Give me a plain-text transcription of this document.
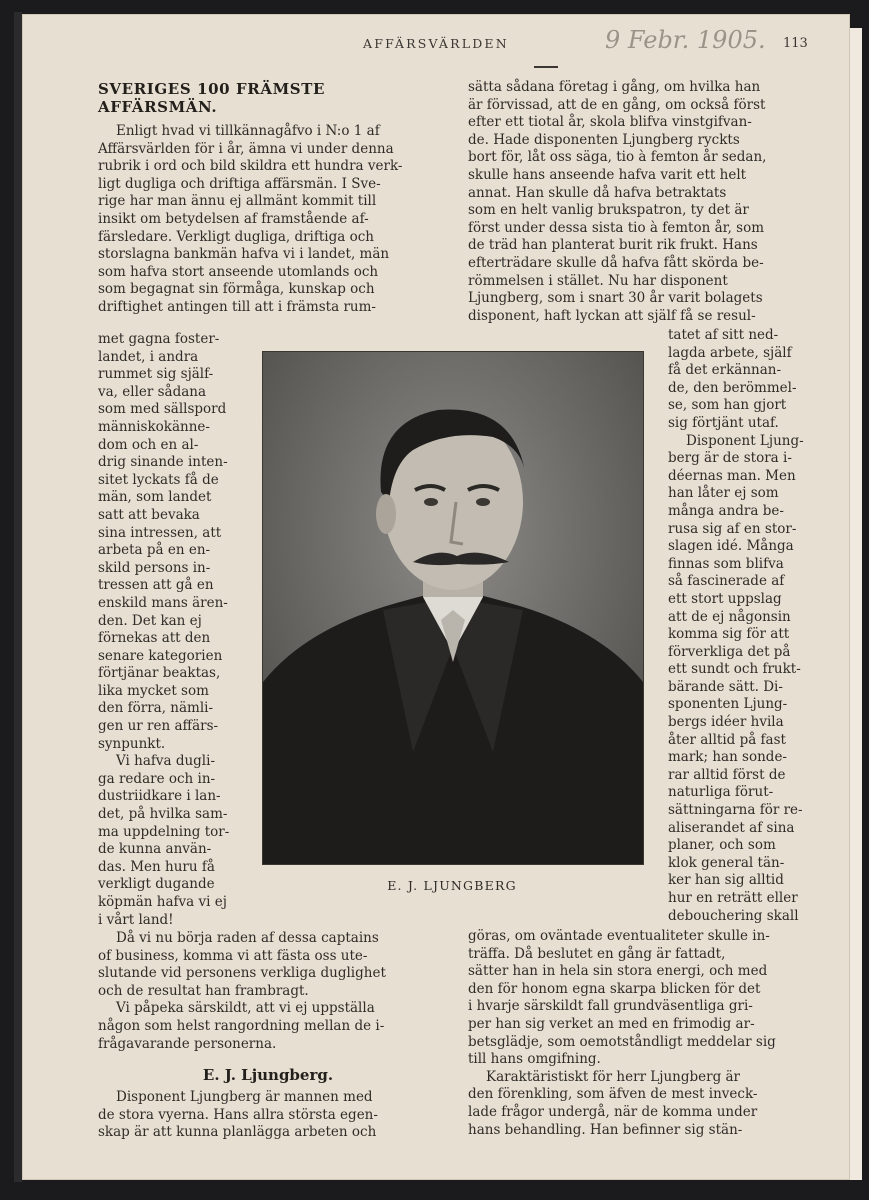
AFFÄRSVÄRLDEN	9 Febr. 1905. 113
SVERIGES 100 FRÄMSTE
AFFÄRSMÄN.
Enligt hvad vi tillkännagåfvo i N:o 1 af
Affärsvärlden för i år, ämna vi under denna
rubrik i ord och bild skildra ett hundra verk-
ligt dugliga och driftiga affärsmän. I Sve-
rige har man ännu ej allmänt kommit till
insikt om betydelsen af framstående af-
färsledare. Verkligt dugliga, driftiga och
storslagna bankmän hafva vi i landet, män
som hafva stort anseende utomlands och
som begagnat sin förmåga, kunskap och
driftighet antingen till att i främsta rum-
met gagna foster-
landet, i andra
rummet sig själf-
va, eller sådana
som med sällspord
människokänne-
dom och en al-
drig sinande inten-
sitet lyckats få de
män, som landet
satt att bevaka
sina intressen, att
arbeta på en en-
skild persons in-
tressen att gå en
enskild mans ären-
den. Det kan ej
förnekas att den
senare kategorien
förtjänar beaktas,
lika mycket som
den förra, nämli-
gen ur ren affärs-
synpunkt.
Vi hafva dugli-
ga redare och in-
dustriidkare i lan-
det, på hvilka sam-
ma uppdelning tor-
de kunna använ-
das. Men huru få
verkligt dugande
köpmän hafva vi ej
i vårt land!
Då vi nu börja raden af dessa captains
of business, komma vi att fästa oss ute-
slutande vid personens verkliga duglighet
och de resultat han frambragt.
Vi påpeka särskildt, att vi ej uppställa
någon som helst rangordning mellan de i-
frågavarande personerna.
E. J. Ljungberg.
Disponent Ljungberg är mannen med
de stora vyerna. Hans allra största egen-
skap är att kunna planlägga arbeten och
sätta sådana företag i gång, om hvilka han
är förvissad, att de en gång, om också först
efter ett tiotal år, skola blifva vinstgifvan-
de. Hade disponenten Ljungberg ryckts
bort för, låt oss säga, tio à femton år sedan,
skulle hans anseende hafva varit ett helt
annat. Han skulle då hafva betraktats
som en helt vanlig brukspatron, ty det är
först under dessa sista tio à femton år, som
de träd han planterat burit rik frukt. Hans
efterträdare skulle då hafva fått skörda be-
römmelsen i stället. Nu har disponent
Ljungberg, som i snart 30 år varit bolagets
disponent, haft lyckan att själf få se resul-
tatet af sitt ned-
lagda arbete, själf
få det erkännan-
de, den berömmel-
se, som han gjort
sig förtjänt utaf.
Disponent Ljung-
berg är de stora i-
déernas man. Men
han låter ej som
många andra be-
rusa sig af en stor-
slagen idé. Många
finnas som blifva
så fascinerade af
ett stort uppslag
att de ej någonsin
komma sig för att
förverkliga det på
ett sundt och frukt-
bärande sätt. Di-
sponenten Ljung-
bergs idéer hvila
åter alltid på fast
mark; han sonde-
rar alltid först de
naturliga förut-
sättningarna för re-
aliserandet af sina
planer, och som
klok general tän-
ker han sig alltid
hur en reträtt eller
debouchering skall
göras, om oväntade eventualiteter skulle in-
träffa. Då beslutet en gång är fattadt,
sätter han in hela sin stora energi, och med
den för honom egna skarpa blicken för det
i hvarje särskildt fall grundväsentliga gri-
per han sig verket an med en frimodig ar-
betsglädje, som oemotståndligt meddelar sig
till hans omgifning.
Karaktäristiskt för herr Ljungberg är
den förenkling, som äfven de mest inveck-
lade frågor undergå, när de komma under
hans behandling. Han befinner sig stän-
E. J. LJUNGBERG
